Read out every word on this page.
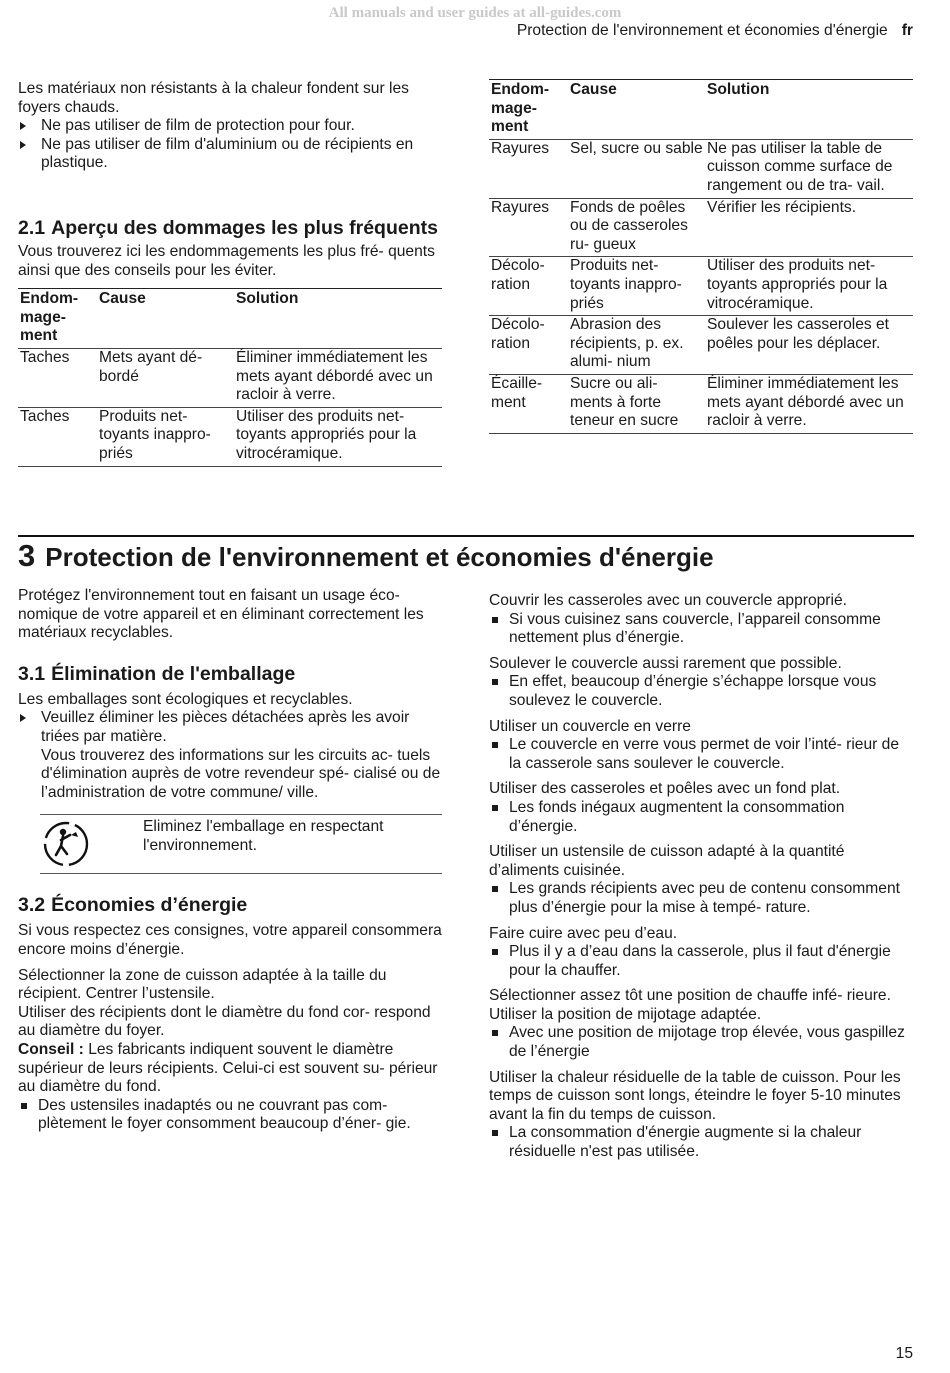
All manuals and user guides at all-guides.com
Protection de l'environnement et économies d'énergie fr

Les matériaux non résistants à la chaleur fondent sur les foyers chauds.

Ne pas utiliser de film de protection pour four.

Ne pas utiliser de film d'aluminium ou de récipients en plastique.

2.1 Aperçu des dommages les plus fréquents

Vous trouverez ici les endommagements les plus fré- quents ainsi que des conseils pour les éviter.

Endom- mage- ment	Cause	Solution
Taches	Mets ayant dé- bordé	Éliminer immédiatement les mets ayant débordé avec un racloir à verre.
Taches	Produits net- toyants inappro- priés	Utiliser des produits net- toyants appropriés pour la vitrocéramique.
Endom- mage- ment	Cause	Solution
Rayures	Sel, sucre ou sable	Ne pas utiliser la table de cuisson comme surface de rangement ou de tra- vail.
Rayures	Fonds de poêles ou de casseroles ru- gueux	Vérifier les récipients.
Décolo- ration	Produits net- toyants inappro- priés	Utiliser des produits net- toyants appropriés pour la vitrocéramique.
Décolo- ration	Abrasion des récipients, p. ex. alumi- nium	Soulever les casseroles et poêles pour les déplacer.
Écaille- ment	Sucre ou ali- ments à forte teneur en sucre	Éliminer immédiatement les mets ayant débordé avec un racloir à verre.
3 Protection de l'environnement et économies d'énergie

Protégez l'environnement tout en faisant un usage éco- nomique de votre appareil et en éliminant correctement les matériaux recyclables.

3.1 Élimination de l'emballage

Les emballages sont écologiques et recyclables.

Veuillez éliminer les pièces détachées après les avoir triées par matière.

Vous trouverez des informations sur les circuits ac- tuels d'élimination auprès de votre revendeur spé- cialisé ou de l’administration de votre commune/ ville.

Eliminez l'emballage en respectant l'environnement.

3.2 Économies d’énergie

Si vous respectez ces consignes, votre appareil consommera encore moins d’énergie.

Sélectionner la zone de cuisson adaptée à la taille du récipient. Centrer l’ustensile.

Utiliser des récipients dont le diamètre du fond cor- respond au diamètre du foyer.

Conseil : Les fabricants indiquent souvent le diamètre supérieur de leurs récipients. Celui-ci est souvent su- périeur au diamètre du fond.

Des ustensiles inadaptés ou ne couvrant pas com- plètement le foyer consomment beaucoup d’éner- gie.

Couvrir les casseroles avec un couvercle approprié.

Si vous cuisinez sans couvercle, l’appareil consomme nettement plus d’énergie.

Soulever le couvercle aussi rarement que possible.

En effet, beaucoup d’énergie s’échappe lorsque vous soulevez le couvercle.

Utiliser un couvercle en verre

Le couvercle en verre vous permet de voir l’inté- rieur de la casserole sans soulever le couvercle.

Utiliser des casseroles et poêles avec un fond plat.

Les fonds inégaux augmentent la consommation d’énergie.

Utiliser un ustensile de cuisson adapté à la quantité d’aliments cuisinée.

Les grands récipients avec peu de contenu consomment plus d’énergie pour la mise à tempé- rature.

Faire cuire avec peu d’eau.

Plus il y a d’eau dans la casserole, plus il faut d'énergie pour la chauffer.

Sélectionner assez tôt une position de chauffe infé- rieure. Utiliser la position de mijotage adaptée.

Avec une position de mijotage trop élevée, vous gaspillez de l’énergie

Utiliser la chaleur résiduelle de la table de cuisson. Pour les temps de cuisson sont longs, éteindre le foyer 5-10 minutes avant la fin du temps de cuisson.

La consommation d'énergie augmente si la chaleur résiduelle n'est pas utilisée.

15
